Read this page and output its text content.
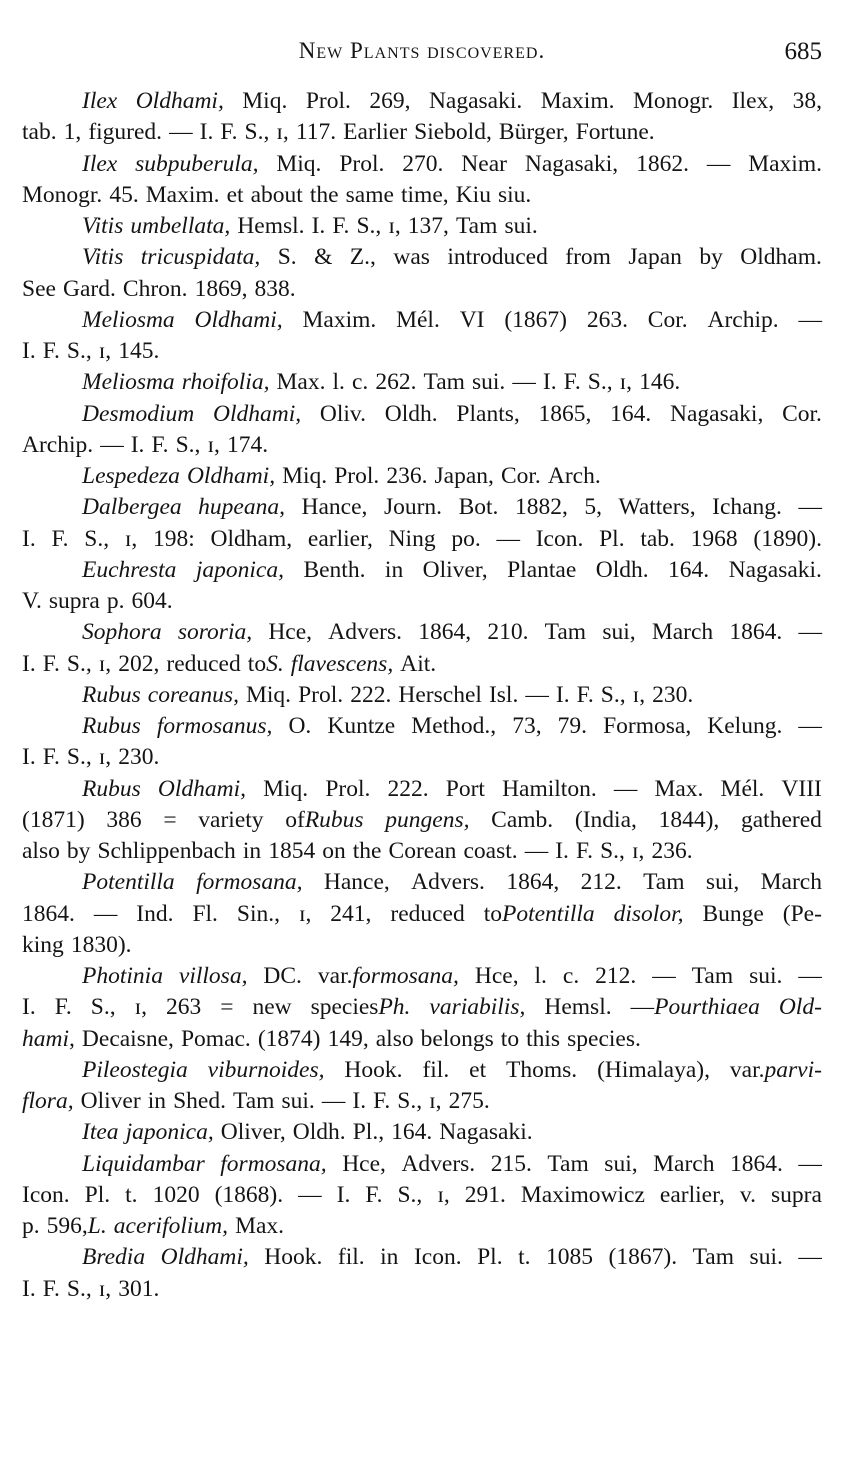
New Plants discovered.	685
Ilex Oldhami, Miq. Prol. 269, Nagasaki. Maxim. Monogr. Ilex, 38,
tab. 1, figured. — I. F. S., ɪ, 117. Earlier Siebold, Bürger, Fortune.
Ilex subpuberula, Miq. Prol. 270. Near Nagasaki, 1862. — Maxim.
Monogr. 45. Maxim. et about the same time, Kiu siu.
Vitis umbellata, Hemsl. I. F. S., ɪ, 137, Tam sui.
Vitis tricuspidata, S. & Z., was introduced from Japan by Oldham.
See Gard. Chron. 1869, 838.
Meliosma Oldhami, Maxim. Mél. VI (1867) 263. Cor. Archip. —
I. F. S., ɪ, 145.
Meliosma rhoifolia, Max. l. c. 262. Tam sui. — I. F. S., ɪ, 146.
Desmodium Oldhami, Oliv. Oldh. Plants, 1865, 164. Nagasaki, Cor.
Archip. — I. F. S., ɪ, 174.
Lespedeza Oldhami, Miq. Prol. 236. Japan, Cor. Arch.
Dalbergea hupeana, Hance, Journ. Bot. 1882, 5, Watters, Ichang. —
I. F. S., ɪ, 198: Oldham, earlier, Ning po. — Icon. Pl. tab. 1968 (1890).
Euchresta japonica, Benth. in Oliver, Plantae Oldh. 164. Nagasaki.
V. supra p. 604.
Sophora sororia, Hce, Advers. 1864, 210. Tam sui, March 1864. —
I. F. S., ɪ, 202, reduced toS. flavescens, Ait.
Rubus coreanus, Miq. Prol. 222. Herschel Isl. — I. F. S., ɪ, 230.
Rubus formosanus, O. Kuntze Method., 73, 79. Formosa, Kelung. —
I. F. S., ɪ, 230.
Rubus Oldhami, Miq. Prol. 222. Port Hamilton. — Max. Mél. VIII
(1871) 386 = variety ofRubus pungens, Camb. (India, 1844), gathered
also by Schlippenbach in 1854 on the Corean coast. — I. F. S., ɪ, 236.
Potentilla formosana, Hance, Advers. 1864, 212. Tam sui, March
1864. — Ind. Fl. Sin., ɪ, 241, reduced toPotentilla disolor, Bunge (Pe-
king 1830).
Photinia villosa, DC. var.formosana, Hce, l. c. 212. — Tam sui. —
I. F. S., ɪ, 263 = new speciesPh. variabilis, Hemsl. —Pourthiaea Old-
hami, Decaisne, Pomac. (1874) 149, also belongs to this species.
Pileostegia viburnoides, Hook. fil. et Thoms. (Himalaya), var.parvi-
flora, Oliver in Shed. Tam sui. — I. F. S., ɪ, 275.
Itea japonica, Oliver, Oldh. Pl., 164. Nagasaki.
Liquidambar formosana, Hce, Advers. 215. Tam sui, March 1864. —
Icon. Pl. t. 1020 (1868). — I. F. S., ɪ, 291. Maximowicz earlier, v. supra
p. 596,L. acerifolium, Max.
Bredia Oldhami, Hook. fil. in Icon. Pl. t. 1085 (1867). Tam sui. —
I. F. S., ɪ, 301.
